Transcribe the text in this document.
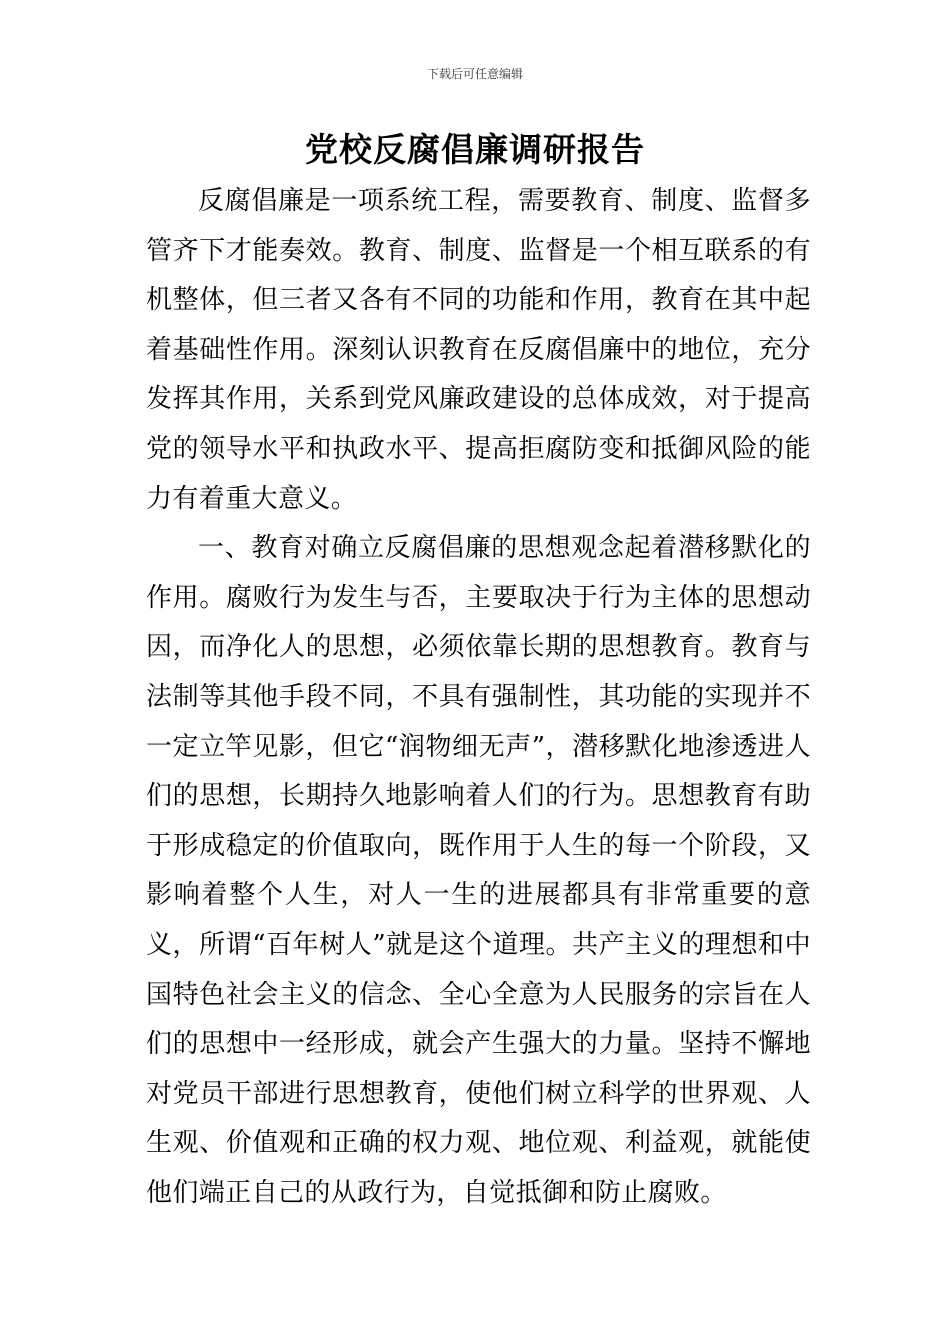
下载后可任意编辑
党校反腐倡廉调研报告

反腐倡廉是一项系统工程，需要教育、制度、监督多管齐下才能奏效。教育、制度、监督是一个相互联系的有机整体，但三者又各有不同的功能和作用，教育在其中起着基础性作用。深刻认识教育在反腐倡廉中的地位，充分发挥其作用，关系到党风廉政建设的总体成效，对于提高党的领导水平和执政水平、提高拒腐防变和抵御风险的能力有着重大意义。

一、教育对确立反腐倡廉的思想观念起着潜移默化的作用。腐败行为发生与否，主要取决于行为主体的思想动因，而净化人的思想，必须依靠长期的思想教育。教育与法制等其他手段不同，不具有强制性，其功能的实现并不一定立竿见影，但它“润物细无声”，潜移默化地渗透进人们的思想，长期持久地影响着人们的行为。思想教育有助于形成稳定的价值取向，既作用于人生的每一个阶段，又影响着整个人生，对人一生的进展都具有非常重要的意义，所谓“百年树人”就是这个道理。共产主义的理想和中国特色社会主义的信念、全心全意为人民服务的宗旨在人们的思想中一经形成，就会产生强大的力量。坚持不懈地对党员干部进行思想教育，使他们树立科学的世界观、人生观、价值观和正确的权力观、地位观、利益观，就能使他们端正自己的从政行为，自觉抵御和防止腐败。
